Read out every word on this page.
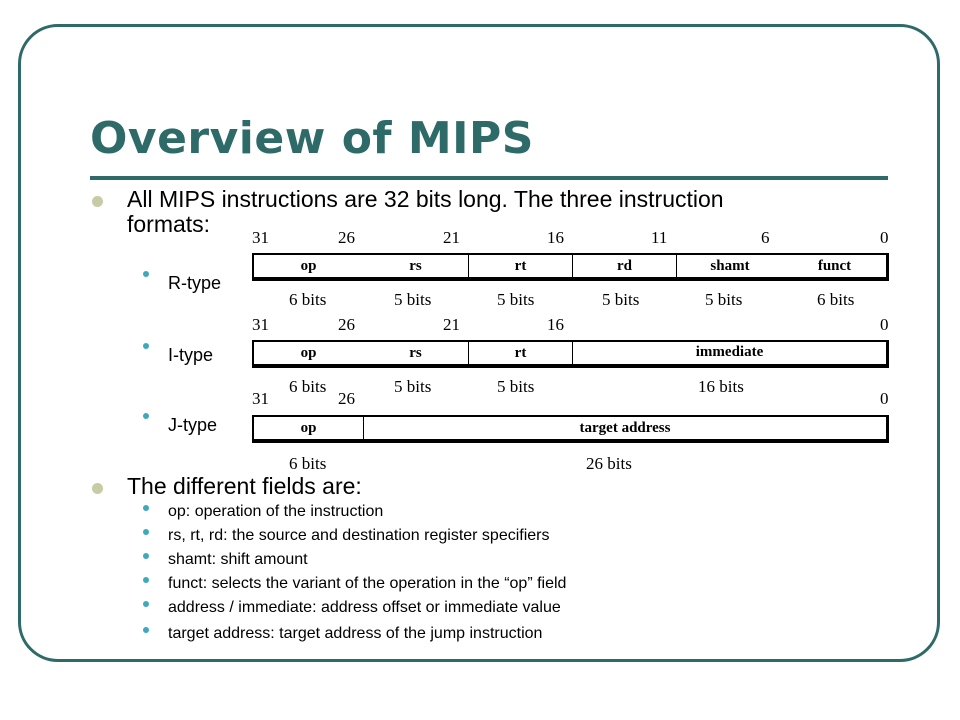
Overview of MIPS
All MIPS instructions are 32 bits long. The three instruction
formats:
R-type
I-type
J-type
31	26	21	16	11	6	0
op	rs	rt	rd	shamt	funct
6 bits	5 bits	5 bits	5 bits	5 bits	6 bits
31	26	21	16	0
op	rs	rt	immediate
6 bits	5 bits	5 bits	16 bits
31	26	0
op	target address
6 bits	26 bits
The different fields are:
op: operation of the instruction
rs, rt, rd: the source and destination register specifiers
shamt: shift amount
funct: selects the variant of the operation in the “op” field
address / immediate: address offset or immediate value
target address: target address of the jump instruction
